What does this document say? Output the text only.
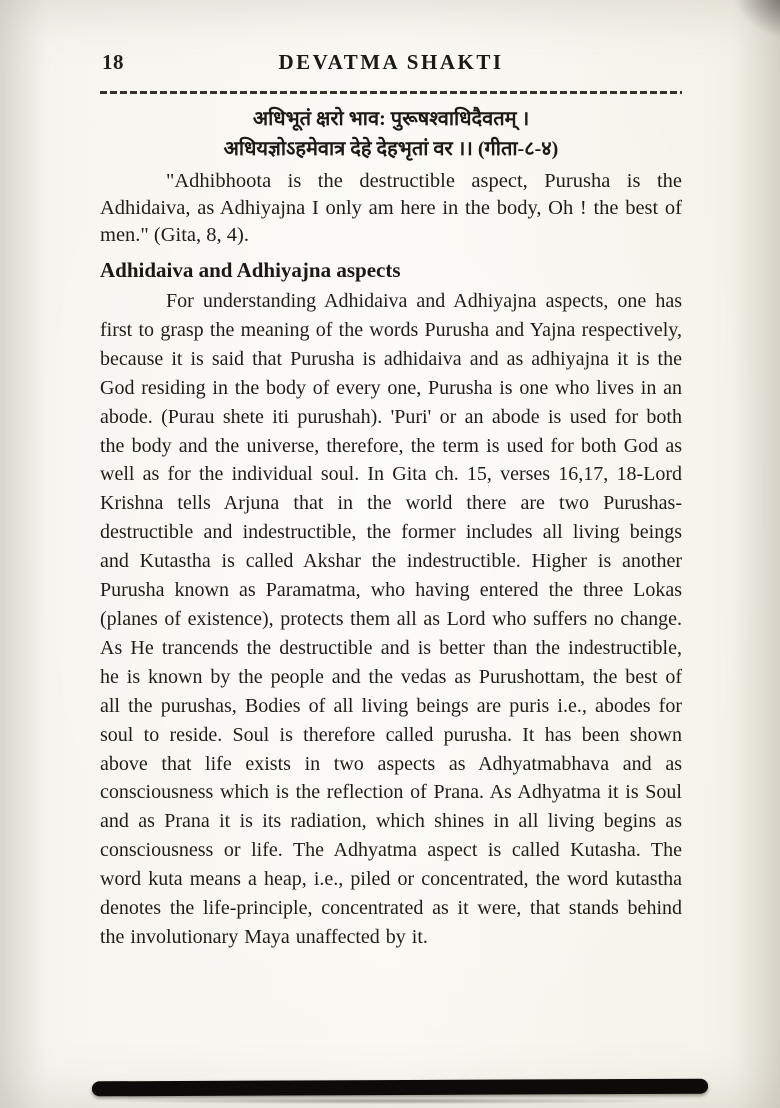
18	DEVATMA SHAKTI
अधिभूतं क्षरो भाव: पुरूषश्वाधिदैवतम् ।
अधियज्ञोऽहमेवात्र देहे देहभृतां वर ।। (गीता-८-४)

"Adhibhoota is the destructible aspect, Purusha is the Adhidaiva, as Adhiyajna I only am here in the body, Oh ! the best of men." (Gita, 8, 4).

Adhidaiva and Adhiyajna aspects

For understanding Adhidaiva and Adhiyajna aspects, one has first to grasp the meaning of the words Purusha and Yajna respectively, because it is said that Purusha is adhidaiva and as adhiyajna it is the God residing in the body of every one, Purusha is one who lives in an abode. (Purau shete iti purushah). 'Puri' or an abode is used for both the body and the universe, therefore, the term is used for both God as well as for the individual soul. In Gita ch. 15, verses 16,17, 18-Lord Krishna tells Arjuna that in the world there are two Purushas-destructible and indestructible, the former includes all living beings and Kutastha is called Akshar the indestructible. Higher is another Purusha known as Paramatma, who having entered the three Lokas (planes of existence), protects them all as Lord who suffers no change. As He trancends the destructible and is better than the indestructible, he is known by the people and the vedas as Purushottam, the best of all the purushas, Bodies of all living beings are puris i.e., abodes for soul to reside. Soul is therefore called purusha. It has been shown above that life exists in two aspects as Adhyatmabhava and as consciousness which is the reflection of Prana. As Adhyatma it is Soul and as Prana it is its radiation, which shines in all living begins as consciousness or life. The Adhyatma aspect is called Kutasha. The word kuta means a heap, i.e., piled or concentrated, the word kutastha denotes the life-principle, concentrated as it were, that stands behind the involutionary Maya unaffected by it.
